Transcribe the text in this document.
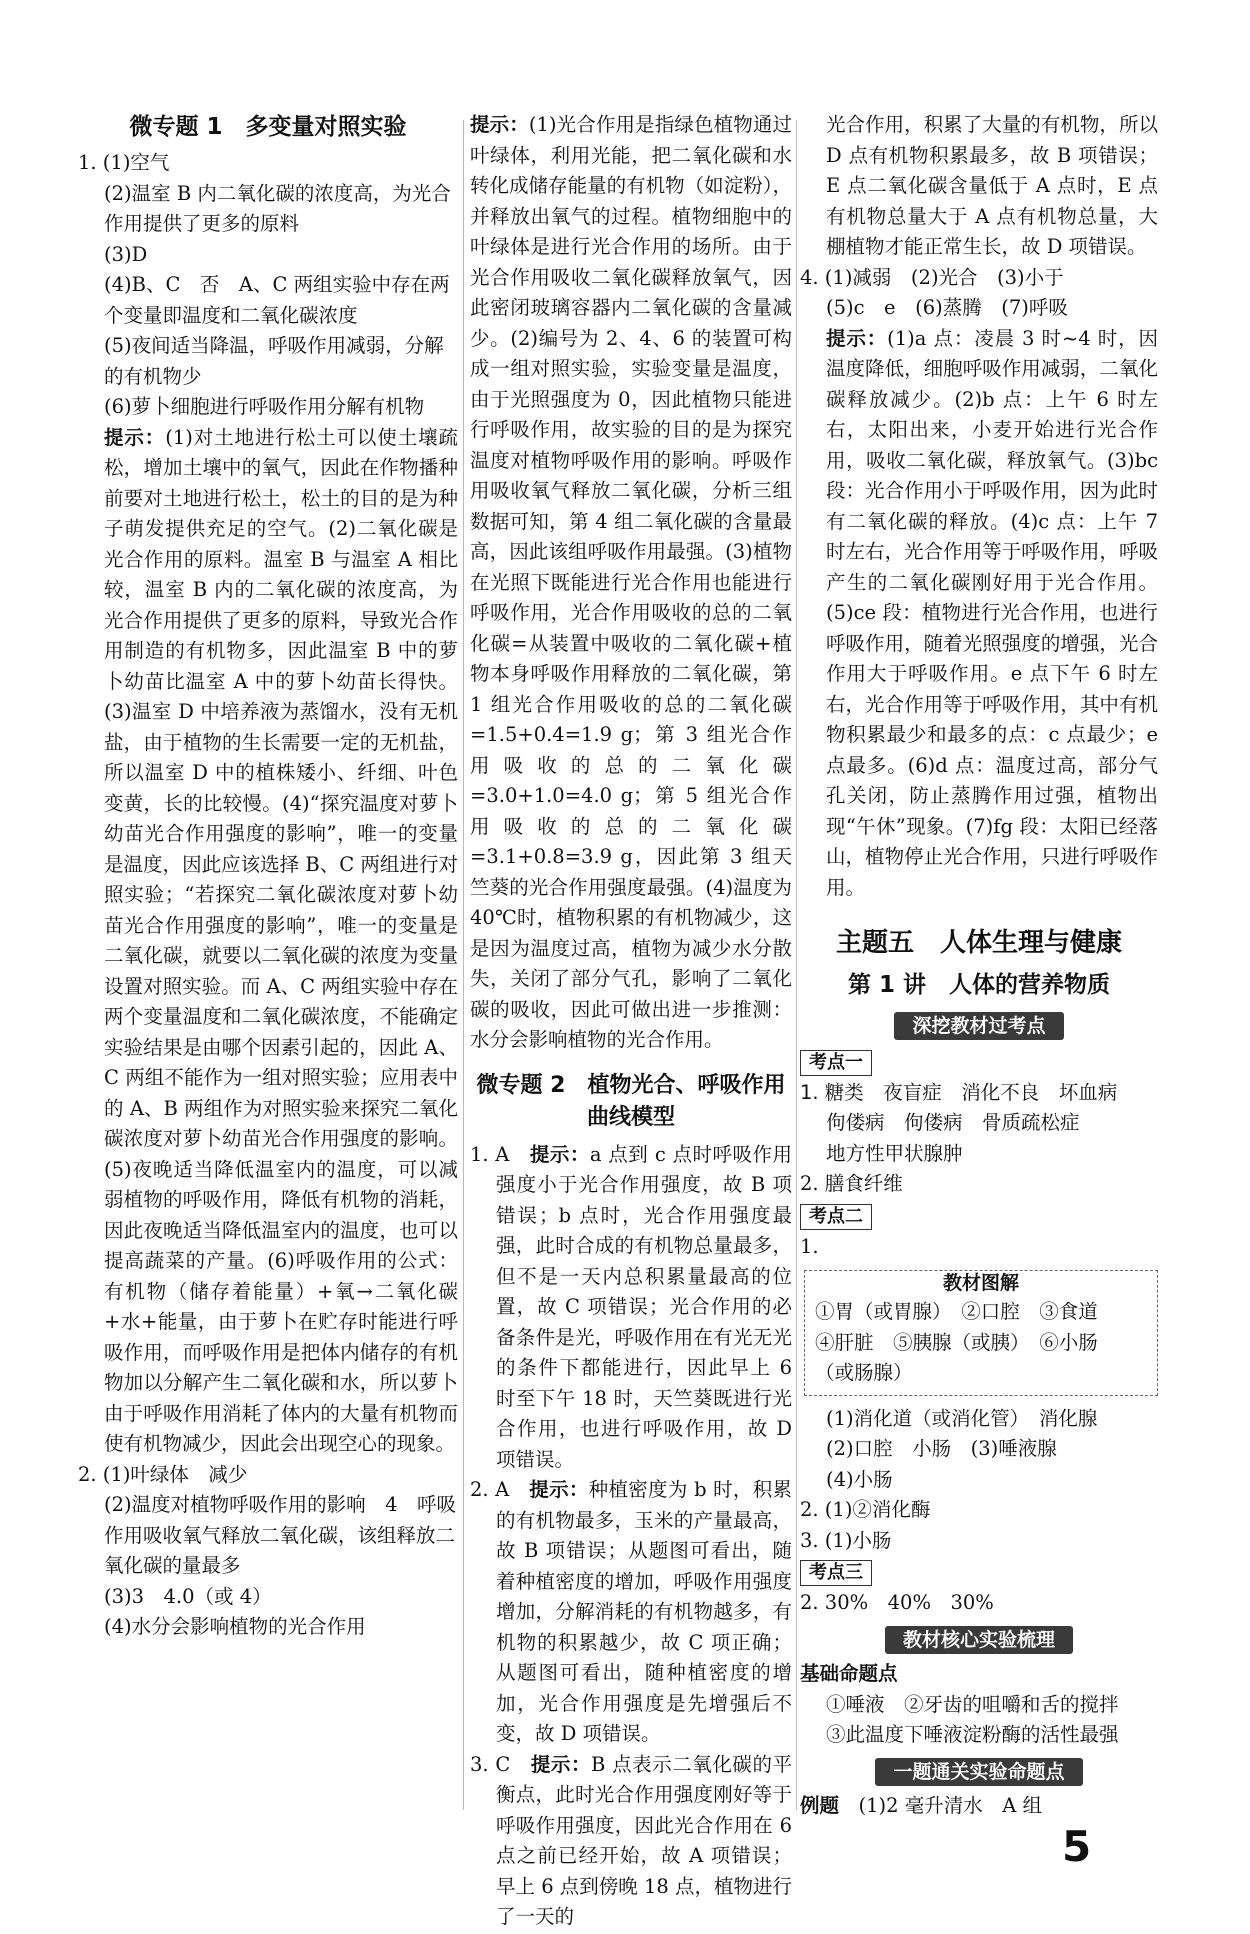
微专题 1　多变量对照实验

1. (1)空气

(2)温室 B 内二氧化碳的浓度高，为光合作用提供了更多的原料

(3)D

(4)B、C　否　A、C 两组实验中存在两个变量即温度和二氧化碳浓度

(5)夜间适当降温，呼吸作用减弱，分解的有机物少

(6)萝卜细胞进行呼吸作用分解有机物

提示：(1)对土地进行松土可以使土壤疏松，增加土壤中的氧气，因此在作物播种前要对土地进行松土，松土的目的是为种子萌发提供充足的空气。(2)二氧化碳是光合作用的原料。温室 B 与温室 A 相比较，温室 B 内的二氧化碳的浓度高，为光合作用提供了更多的原料，导致光合作用制造的有机物多，因此温室 B 中的萝卜幼苗比温室 A 中的萝卜幼苗长得快。(3)温室 D 中培养液为蒸馏水，没有无机盐，由于植物的生长需要一定的无机盐，所以温室 D 中的植株矮小、纤细、叶色变黄，长的比较慢。(4)“探究温度对萝卜幼苗光合作用强度的影响”，唯一的变量是温度，因此应该选择 B、C 两组进行对照实验；“若探究二氧化碳浓度对萝卜幼苗光合作用强度的影响”，唯一的变量是二氧化碳，就要以二氧化碳的浓度为变量设置对照实验。而 A、C 两组实验中存在两个变量温度和二氧化碳浓度，不能确定实验结果是由哪个因素引起的，因此 A、C 两组不能作为一组对照实验；应用表中的 A、B 两组作为对照实验来探究二氧化碳浓度对萝卜幼苗光合作用强度的影响。(5)夜晚适当降低温室内的温度，可以减弱植物的呼吸作用，降低有机物的消耗，因此夜晚适当降低温室内的温度，也可以提高蔬菜的产量。(6)呼吸作用的公式：有机物（储存着能量）+氧→二氧化碳+水+能量，由于萝卜在贮存时能进行呼吸作用，而呼吸作用是把体内储存的有机物加以分解产生二氧化碳和水，所以萝卜由于呼吸作用消耗了体内的大量有机物而使有机物减少，因此会出现空心的现象。

2. (1)叶绿体　减少

(2)温度对植物呼吸作用的影响　4　呼吸作用吸收氧气释放二氧化碳，该组释放二氧化碳的量最多

(3)3　4.0（或 4）

(4)水分会影响植物的光合作用

提示：(1)光合作用是指绿色植物通过叶绿体，利用光能，把二氧化碳和水转化成储存能量的有机物（如淀粉），并释放出氧气的过程。植物细胞中的叶绿体是进行光合作用的场所。由于光合作用吸收二氧化碳释放氧气，因此密闭玻璃容器内二氧化碳的含量减少。(2)编号为 2、4、6 的装置可构成一组对照实验，实验变量是温度，由于光照强度为 0，因此植物只能进行呼吸作用，故实验的目的是为探究温度对植物呼吸作用的影响。呼吸作用吸收氧气释放二氧化碳，分析三组数据可知，第 4 组二氧化碳的含量最高，因此该组呼吸作用最强。(3)植物在光照下既能进行光合作用也能进行呼吸作用，光合作用吸收的总的二氧化碳=从装置中吸收的二氧化碳+植物本身呼吸作用释放的二氧化碳，第 1 组光合作用吸收的总的二氧化碳=1.5+0.4=1.9 g；第 3 组光合作用吸收的总的二氧化碳=3.0+1.0=4.0 g；第 5 组光合作用吸收的总的二氧化碳=3.1+0.8=3.9 g，因此第 3 组天竺葵的光合作用强度最强。(4)温度为 40℃时，植物积累的有机物减少，这是因为温度过高，植物为减少水分散失，关闭了部分气孔，影响了二氧化碳的吸收，因此可做出进一步推测：水分会影响植物的光合作用。

微专题 2　植物光合、呼吸作用曲线模型

1. A　提示：a 点到 c 点时呼吸作用强度小于光合作用强度，故 B 项错误；b 点时，光合作用强度最强，此时合成的有机物总量最多，但不是一天内总积累量最高的位置，故 C 项错误；光合作用的必备条件是光，呼吸作用在有光无光的条件下都能进行，因此早上 6 时至下午 18 时，天竺葵既进行光合作用，也进行呼吸作用，故 D 项错误。

2. A　提示：种植密度为 b 时，积累的有机物最多，玉米的产量最高，故 B 项错误；从题图可看出，随着种植密度的增加，呼吸作用强度增加，分解消耗的有机物越多，有机物的积累越少，故 C 项正确；从题图可看出，随种植密度的增加，光合作用强度是先增强后不变，故 D 项错误。

3. C　提示：B 点表示二氧化碳的平衡点，此时光合作用强度刚好等于呼吸作用强度，因此光合作用在 6 点之前已经开始，故 A 项错误；早上 6 点到傍晚 18 点，植物进行了一天的

光合作用，积累了大量的有机物，所以 D 点有机物积累最多，故 B 项错误；E 点二氧化碳含量低于 A 点时，E 点有机物总量大于 A 点有机物总量，大棚植物才能正常生长，故 D 项错误。

4. (1)减弱　(2)光合　(3)小于

(5)c　e　(6)蒸腾　(7)呼吸

提示：(1)a 点：凌晨 3 时~4 时，因温度降低，细胞呼吸作用减弱，二氧化碳释放减少。(2)b 点：上午 6 时左右，太阳出来，小麦开始进行光合作用，吸收二氧化碳，释放氧气。(3)bc 段：光合作用小于呼吸作用，因为此时有二氧化碳的释放。(4)c 点：上午 7 时左右，光合作用等于呼吸作用，呼吸产生的二氧化碳刚好用于光合作用。(5)ce 段：植物进行光合作用，也进行呼吸作用，随着光照强度的增强，光合作用大于呼吸作用。e 点下午 6 时左右，光合作用等于呼吸作用，其中有机物积累最少和最多的点：c 点最少；e 点最多。(6)d 点：温度过高，部分气孔关闭，防止蒸腾作用过强，植物出现“午休”现象。(7)fg 段：太阳已经落山，植物停止光合作用，只进行呼吸作用。

主题五　人体生理与健康
第 1 讲　人体的营养物质
深挖教材过考点
考点一

1. 糖类　夜盲症　消化不良　坏血病

佝偻病　佝偻病　骨质疏松症

地方性甲状腺肿

2. 膳食纤维

考点二

1.

教材图解

①胃（或胃腺）　②口腔　③食道

④肝脏　⑤胰腺（或胰）　⑥小肠

（或肠腺）

(1)消化道（或消化管）　消化腺

(2)口腔　小肠　(3)唾液腺

(4)小肠

2. (1)②消化酶

3. (1)小肠

考点三

2. 30%　40%　30%

教材核心实验梳理

基础命题点

①唾液　②牙齿的咀嚼和舌的搅拌

③此温度下唾液淀粉酶的活性最强

一题通关实验命题点

例题　 (1)2 毫升清水　A 组

5
